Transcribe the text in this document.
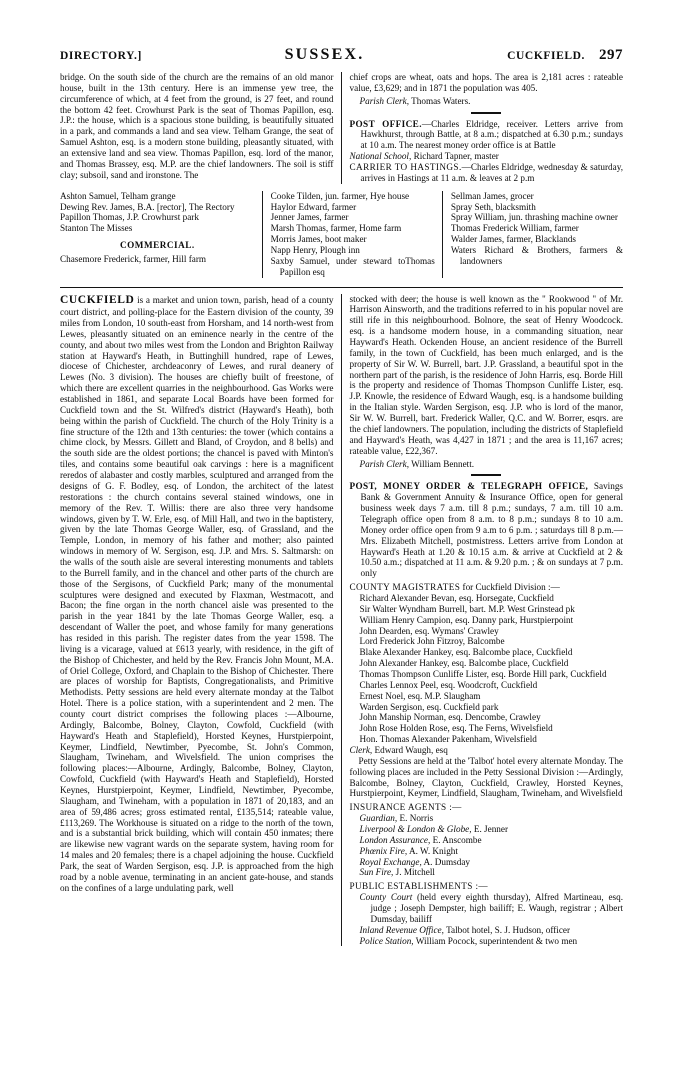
DIRECTORY.]	SUSSEX.	CUCKFIELD. 297

bridge. On the south side of the church are the remains of an old manor house, built in the 13th century. Here is an immense yew tree, the circumference of which, at 4 feet from the ground, is 27 feet, and round the bottom 42 feet. Crowhurst Park is the seat of Thomas Papillon, esq. J.P.: the house, which is a spacious stone building, is beautifully situated in a park, and commands a land and sea view. Telham Grange, the seat of Samuel Ashton, esq. is a modern stone building, pleasantly situated, with an extensive land and sea view. Thomas Papillon, esq. lord of the manor, and Thomas Brassey, esq. M.P. are the chief landowners. The soil is stiff clay; subsoil, sand and ironstone. The

chief crops are wheat, oats and hops. The area is 2,181 acres : rateable value, £3,629; and in 1871 the population was 405.

Parish Clerk, Thomas Waters.

POST OFFICE.—Charles Eldridge, receiver. Letters arrive from Hawkhurst, through Battle, at 8 a.m.; dispatched at 6.30 p.m.; sundays at 10 a.m. The nearest money order office is at Battle

National School, Richard Tapner, master

CARRIER TO HASTINGS.—Charles Eldridge, wednesday & saturday, arrives in Hastings at 11 a.m. & leaves at 2 p.m

Ashton Samuel, Telham grange

Dewing Rev. James, B.A. [rector], The Rectory

Papillon Thomas, J.P. Crowhurst park

Stanton The Misses

COMMERCIAL.

Chasemore Frederick, farmer, Hill farm

Cooke Tilden, jun. farmer, Hye house

Haylor Edward, farmer

Jenner James, farmer

Marsh Thomas, farmer, Home farm

Morris James, boot maker

Napp Henry, Plough inn

Saxby Samuel, under steward toThomas Papillon esq

Sellman James, grocer

Spray Seth, blacksmith

Spray William, jun. thrashing machine owner

Thomas Frederick William, farmer

Walder James, farmer, Blacklands

Waters Richard & Brothers, farmers & landowners

CUCKFIELD is a market and union town, parish, head of a county court district, and polling-place for the Eastern division of the county, 39 miles from London, 10 south-east from Horsham, and 14 north-west from Lewes, pleasantly situated on an eminence nearly in the centre of the county, and about two miles west from the London and Brighton Railway station at Hayward's Heath, in Buttinghill hundred, rape of Lewes, diocese of Chichester, archdeaconry of Lewes, and rural deanery of Lewes (No. 3 division). The houses are chiefly built of freestone, of which there are excellent quarries in the neighbourhood. Gas Works were established in 1861, and separate Local Boards have been formed for Cuckfield town and the St. Wilfred's district (Hayward's Heath), both being within the parish of Cuckfield. The church of the Holy Trinity is a fine structure of the 12th and 13th centuries: the tower (which contains a chime clock, by Messrs. Gillett and Bland, of Croydon, and 8 bells) and the south side are the oldest portions; the chancel is paved with Minton's tiles, and contains some beautiful oak carvings : here is a magnificent reredos of alabaster and costly marbles, sculptured and arranged from the designs of G. F. Bodley, esq. of London, the architect of the latest restorations : the church contains several stained windows, one in memory of the Rev. T. Willis: there are also three very handsome windows, given by T. W. Erle, esq. of Mill Hall, and two in the baptistery, given by the late Thomas George Waller, esq. of Grassland, and the Temple, London, in memory of his father and mother; also painted windows in memory of W. Sergison, esq. J.P. and Mrs. S. Saltmarsh: on the walls of the south aisle are several interesting monuments and tablets to the Burrell family, and in the chancel and other parts of the church are those of the Sergisons, of Cuckfield Park; many of the monumental sculptures were designed and executed by Flaxman, Westmacott, and Bacon; the fine organ in the north chancel aisle was presented to the parish in the year 1841 by the late Thomas George Waller, esq. a descendant of Waller the poet, and whose family for many generations has resided in this parish. The register dates from the year 1598. The living is a vicarage, valued at £613 yearly, with residence, in the gift of the Bishop of Chichester, and held by the Rev. Francis John Mount, M.A. of Oriel College, Oxford, and Chaplain to the Bishop of Chichester. There are places of worship for Baptists, Congregationalists, and Primitive Methodists. Petty sessions are held every alternate monday at the Talbot Hotel. There is a police station, with a superintendent and 2 men. The county court district comprises the following places :—Albourne, Ardingly, Balcombe, Bolney, Clayton, Cowfold, Cuckfield (with Hayward's Heath and Staplefield), Horsted Keynes, Hurstpierpoint, Keymer, Lindfield, Newtimber, Pyecombe, St. John's Common, Slaugham, Twineham, and Wivelsfield. The union comprises the following places:—Albourne, Ardingly, Balcombe, Bolney, Clayton, Cowfold, Cuckfield (with Hayward's Heath and Staplefield), Horsted Keynes, Hurstpierpoint, Keymer, Lindfield, Newtimber, Pyecombe, Slaugham, and Twineham, with a population in 1871 of 20,183, and an area of 59,486 acres; gross estimated rental, £135,514; rateable value, £113,269. The Workhouse is situated on a ridge to the north of the town, and is a substantial brick building, which will contain 450 inmates; there are likewise new vagrant wards on the separate system, having room for 14 males and 20 females; there is a chapel adjoining the house. Cuckfield Park, the seat of Warden Sergison, esq. J.P. is approached from the high road by a noble avenue, terminating in an ancient gate-house, and stands on the confines of a large undulating park, well

stocked with deer; the house is well known as the " Rookwood " of Mr. Harrison Ainsworth, and the traditions referred to in his popular novel are still rife in this neighbourhood. Bolnore, the seat of Henry Woodcock. esq. is a handsome modern house, in a commanding situation, near Hayward's Heath. Ockenden House, an ancient residence of the Burrell family, in the town of Cuckfield, has been much enlarged, and is the property of Sir W. W. Burrell, bart. J.P. Grassland, a beautiful spot in the northern part of the parish, is the residence of John Harris, esq. Borde Hill is the property and residence of Thomas Thompson Cunliffe Lister, esq. J.P. Knowle, the residence of Edward Waugh, esq. is a handsome building in the Italian style. Warden Sergison, esq. J.P. who is lord of the manor, Sir W. W. Burrell, bart. Frederick Waller, Q.C. and W. Borrer, esqrs. are the chief landowners. The population, including the districts of Staplefield and Hayward's Heath, was 4,427 in 1871 ; and the area is 11,167 acres; rateable value, £22,367.

Parish Clerk, William Bennett.

POST, MONEY ORDER & TELEGRAPH OFFICE, Savings Bank & Government Annuity & Insurance Office, open for general business week days 7 a.m. till 8 p.m.; sundays, 7 a.m. till 10 a.m. Telegraph office open from 8 a.m. to 8 p.m.; sundays 8 to 10 a.m. Money order office open from 9 a.m to 6 p.m. ; saturdays till 8 p.m.—Mrs. Elizabeth Mitchell, postmistress. Letters arrive from London at Hayward's Heath at 1.20 & 10.15 a.m. & arrive at Cuckfield at 2 & 10.50 a.m.; dispatched at 11 a.m. & 9.20 p.m. ; & on sundays at 7 p.m. only

COUNTY MAGISTRATES for Cuckfield Division :—

Richard Alexander Bevan, esq. Horsegate, Cuckfield

Sir Walter Wyndham Burrell, bart. M.P. West Grinstead pk

William Henry Campion, esq. Danny park, Hurstpierpoint

John Dearden, esq. Wymans' Crawley

Lord Frederick John Fitzroy, Balcombe

Blake Alexander Hankey, esq. Balcombe place, Cuckfield

John Alexander Hankey, esq. Balcombe place, Cuckfield

Thomas Thompson Cunliffe Lister, esq. Borde Hill park, Cuckfield

Charles Lennox Peel, esq. Woodcroft, Cuckfield

Ernest Noel, esq. M.P. Slaugham

Warden Sergison, esq. Cuckfield park

John Manship Norman, esq. Dencombe, Crawley

John Rose Holden Rose, esq. The Ferns, Wivelsfield

Hon. Thomas Alexander Pakenham, Wivelsfield

Clerk, Edward Waugh, esq

Petty Sessions are held at the 'Talbot' hotel every alternate Monday. The following places are included in the Petty Sessional Division :—Ardingly, Balcombe, Bolney, Clayton, Cuckfield, Crawley, Horsted Keynes, Hurstpierpoint, Keymer, Lindfield, Slaugham, Twineham, and Wivelsfield

INSURANCE AGENTS :—

Guardian, E. Norris

Liverpool & London & Globe, E. Jenner

London Assurance, E. Anscombe

Phœnix Fire, A. W. Knight

Royal Exchange, A. Dumsday

Sun Fire, J. Mitchell

PUBLIC ESTABLISHMENTS :—

County Court (held every eighth thursday), Alfred Martineau, esq. judge ; Joseph Dempster, high bailiff; E. Waugh, registrar ; Albert Dumsday, bailiff

Inland Revenue Office, Talbot hotel, S. J. Hudson, officer

Police Station, William Pocock, superintendent & two men
